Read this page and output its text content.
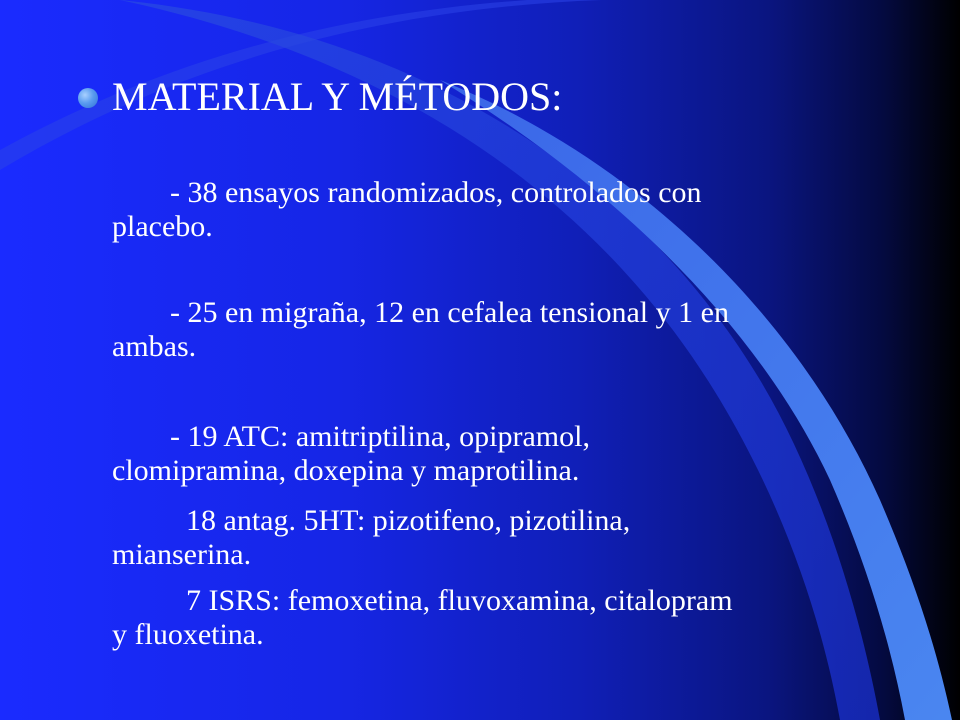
MATERIAL Y MÉTODOS:
- 38 ensayos randomizados, controlados con
placebo.
- 25 en migraña, 12 en cefalea tensional y 1 en
ambas.
- 19 ATC: amitriptilina, opipramol,
clomipramina, doxepina y maprotilina.
18 antag. 5HT: pizotifeno, pizotilina,
mianserina.
7 ISRS: femoxetina, fluvoxamina, citalopram
y fluoxetina.
